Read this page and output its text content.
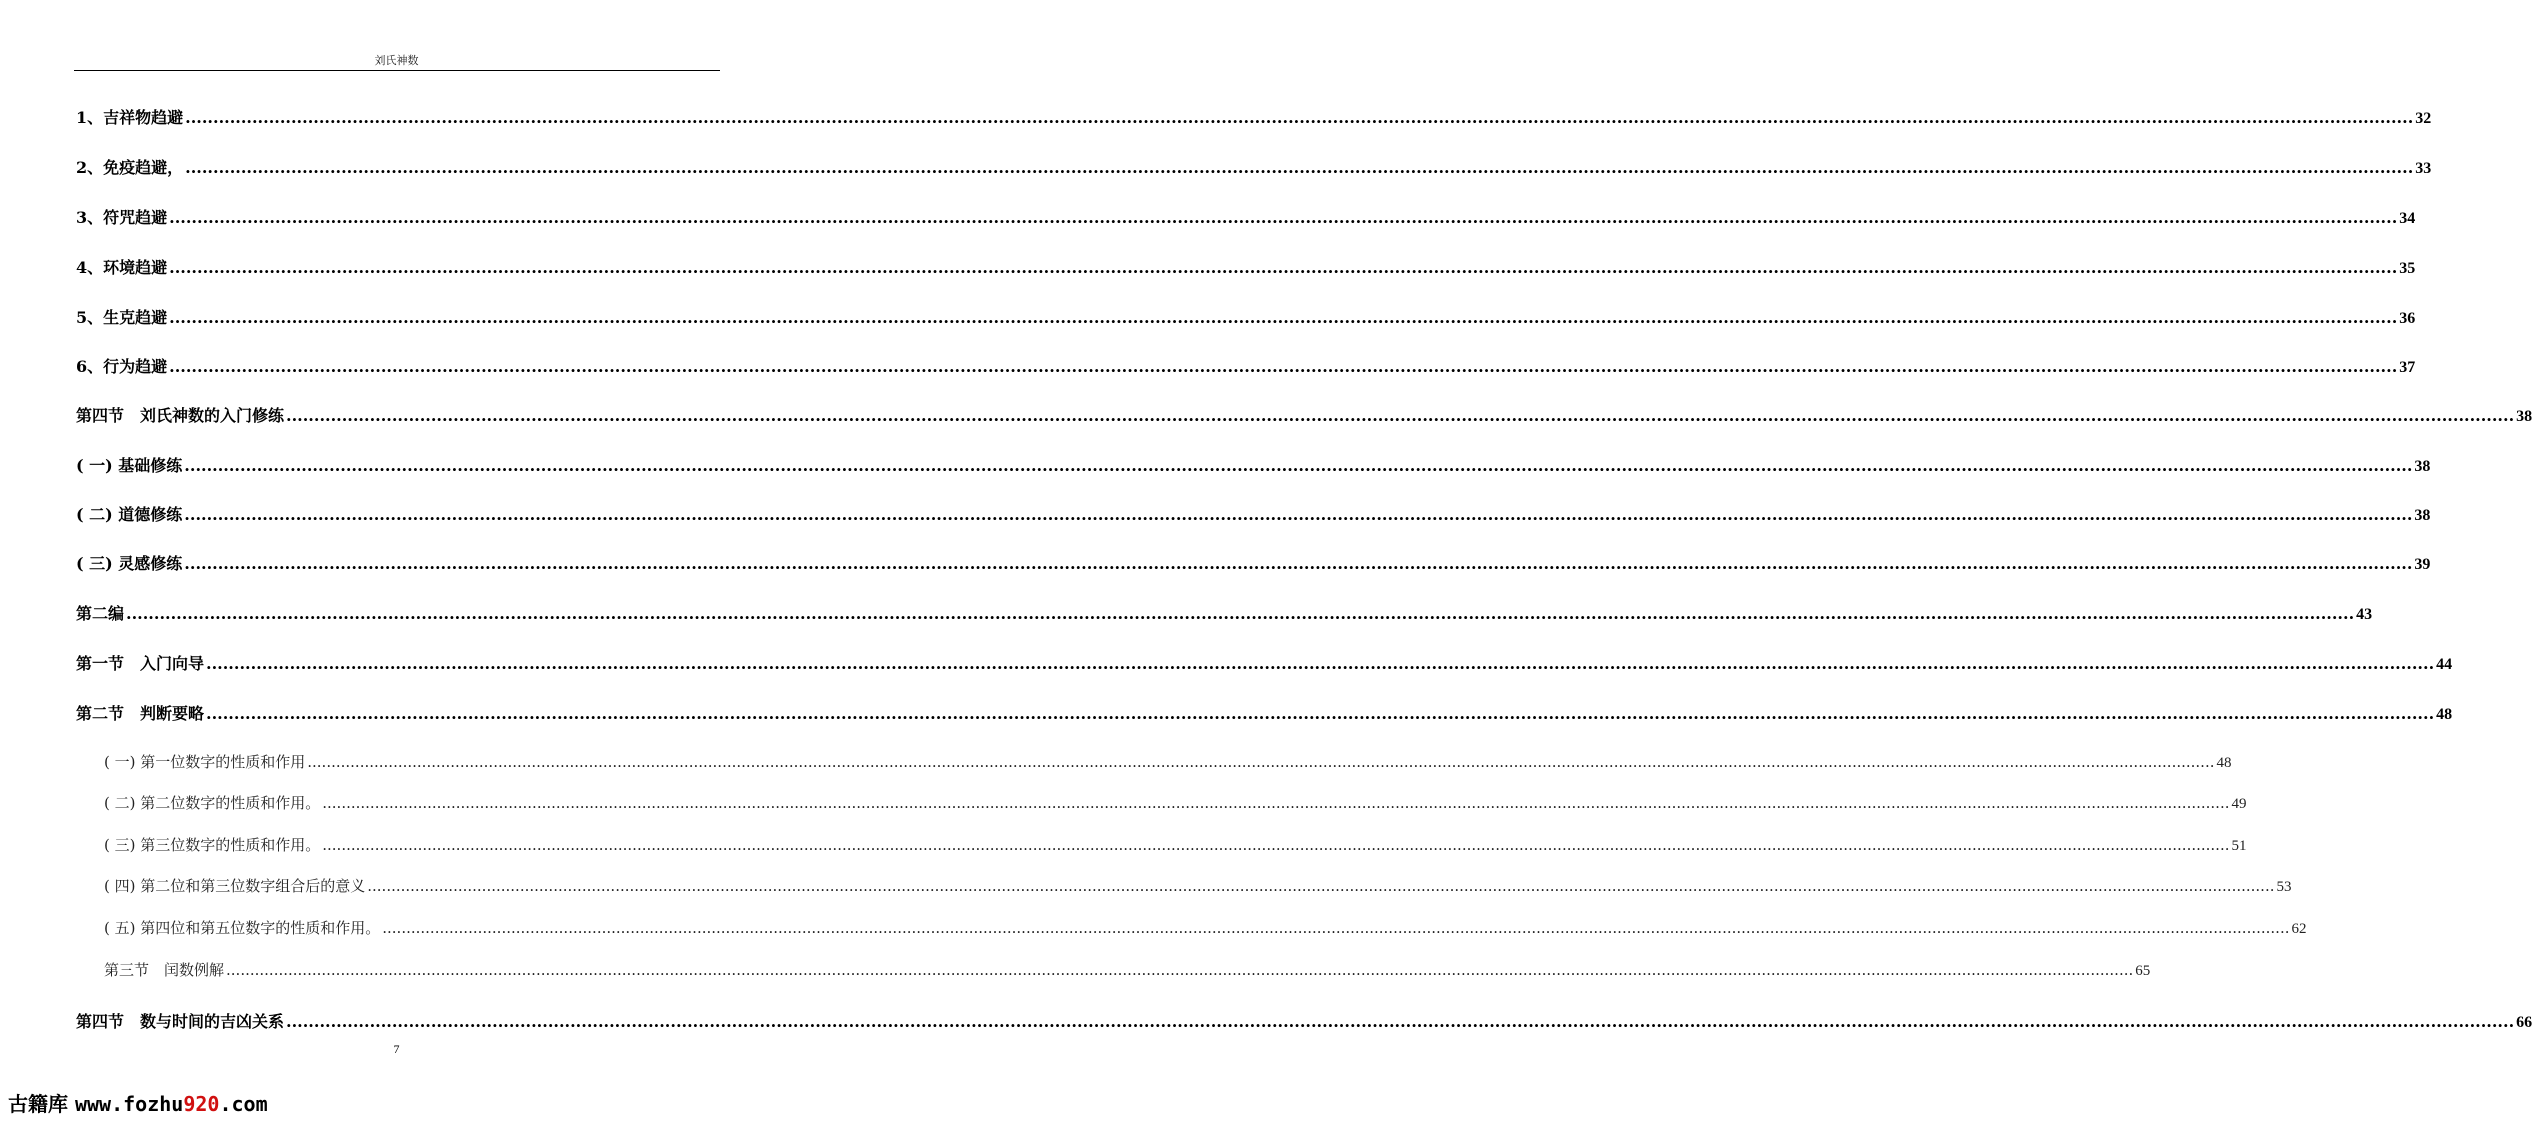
刘氏神数
1、吉祥物趋避 ................................................................................................................................................................................................................................................................................................................................................................................................................ 32
2、免疫趋避， ................................................................................................................................................................................................................................................................................................................................................................................................................ 33
3、符咒趋避 ................................................................................................................................................................................................................................................................................................................................................................................................................ 34
4、环境趋避 ................................................................................................................................................................................................................................................................................................................................................................................................................ 35
5、生克趋避 ................................................................................................................................................................................................................................................................................................................................................................................................................ 36
6、行为趋避 ................................................................................................................................................................................................................................................................................................................................................................................................................ 37
第四节　刘氏神数的入门修练 ................................................................................................................................................................................................................................................................................................................................................................................................................ 38
( 一) 基础修练 ................................................................................................................................................................................................................................................................................................................................................................................................................ 38
( 二) 道德修练 ................................................................................................................................................................................................................................................................................................................................................................................................................ 38
( 三) 灵感修练 ................................................................................................................................................................................................................................................................................................................................................................................................................ 39
第二编 ................................................................................................................................................................................................................................................................................................................................................................................................................ 43
第一节　入门向导 ................................................................................................................................................................................................................................................................................................................................................................................................................ 44
第二节　判断要略 ................................................................................................................................................................................................................................................................................................................................................................................................................ 48
( 一) 第一位数字的性质和作用 ................................................................................................................................................................................................................................................................................................................................................................................................................ 48
( 二) 第二位数字的性质和作用。 ................................................................................................................................................................................................................................................................................................................................................................................................................ 49
( 三) 第三位数字的性质和作用。 ................................................................................................................................................................................................................................................................................................................................................................................................................ 51
( 四) 第二位和第三位数字组合后的意义 ................................................................................................................................................................................................................................................................................................................................................................................................................ 53
( 五) 第四位和第五位数字的性质和作用。 ................................................................................................................................................................................................................................................................................................................................................................................................................ 62
第三节　闰数例解 ................................................................................................................................................................................................................................................................................................................................................................................................................ 65
第四节　数与时间的吉凶关系 ................................................................................................................................................................................................................................................................................................................................................................................................................ 66
7
古籍库 www.fozhu920.com
